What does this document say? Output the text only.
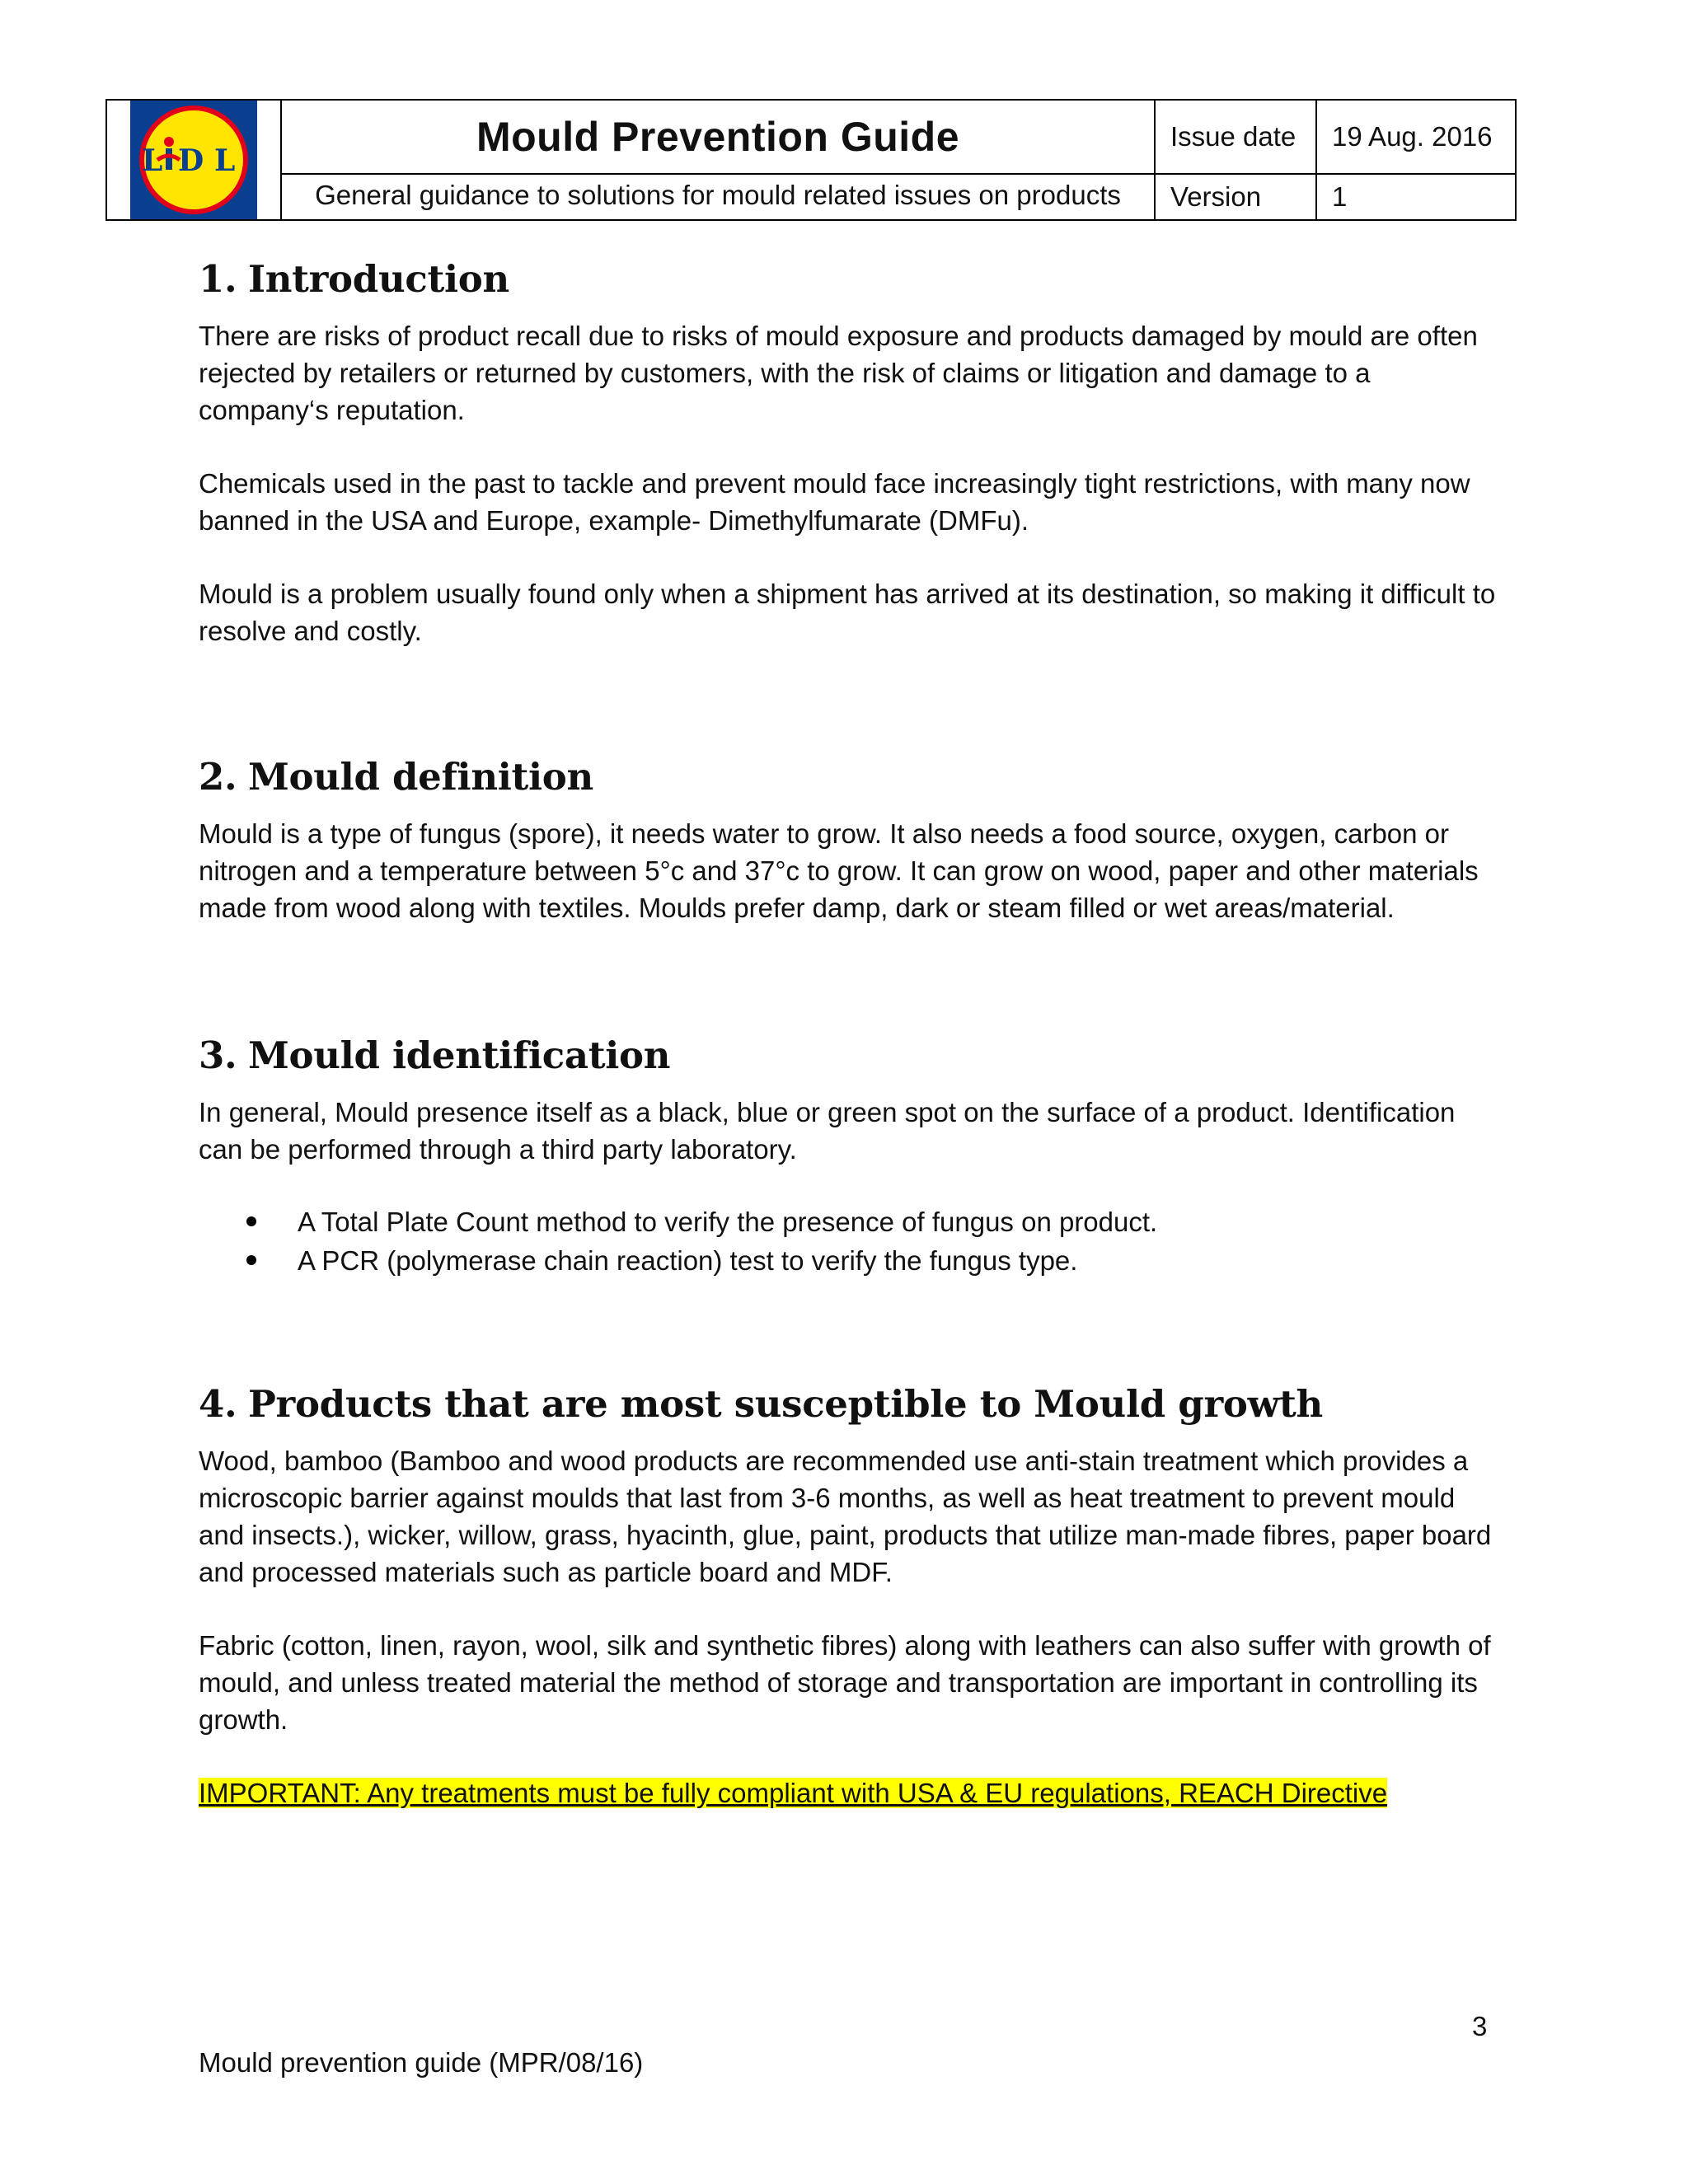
L D L
Mould Prevention Guide	Issue date	19 Aug. 2016
General guidance to solutions for mould related issues on products	Version	1
1. Introduction

There are risks of product recall due to risks of mould exposure and products damaged by mould are often rejected by retailers or returned by customers, with the risk of claims or litigation and damage to a company‘s reputation.

Chemicals used in the past to tackle and prevent mould face increasingly tight restrictions, with many now banned in the USA and Europe, example- Dimethylfumarate (DMFu).

Mould is a problem usually found only when a shipment has arrived at its destination, so making it difficult to resolve and costly.

2. Mould definition

Mould is a type of fungus (spore), it needs water to grow. It also needs a food source, oxygen, carbon or nitrogen and a temperature between 5°c and 37°c to grow. It can grow on wood, paper and other materials made from wood along with textiles. Moulds prefer damp, dark or steam filled or wet areas/material.

3. Mould identification

In general, Mould presence itself as a black, blue or green spot on the surface of a product. Identification can be performed through a third party laboratory.

A Total Plate Count method to verify the presence of fungus on product.
A PCR (polymerase chain reaction) test to verify the fungus type.
4. Products that are most susceptible to Mould growth

Wood, bamboo (Bamboo and wood products are recommended use anti-stain treatment which provides a microscopic barrier against moulds that last from 3-6 months, as well as heat treatment to prevent mould and insects.), wicker, willow, grass, hyacinth, glue, paint, products that utilize man-made fibres, paper board and processed materials such as particle board and MDF.

Fabric (cotton, linen, rayon, wool, silk and synthetic fibres) along with leathers can also suffer with growth of mould, and unless treated material the method of storage and transportation are important in controlling its growth.

IMPORTANT: Any treatments must be fully compliant with USA & EU regulations, REACH Directive

3
Mould prevention guide (MPR/08/16)
